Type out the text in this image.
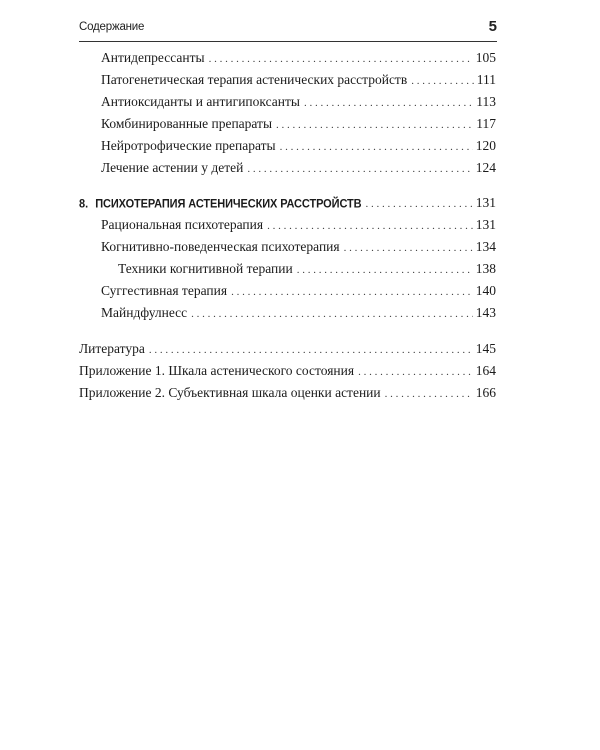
Содержание	5
Антидепрессанты . . .	105
Патогенетическая терапия астенических расстройств . . .	111
Антиоксиданты и антигипоксанты . . .	113
Комбинированные препараты . . .	117
Нейротрофические препараты . . .	120
Лечение астении у детей . . .	124
8. ПСИХОТЕРАПИЯ АСТЕНИЧЕСКИХ РАССТРОЙСТВ . . .	131
Рациональная психотерапия . . .	131
Когнитивно-поведенческая психотерапия . . .	134
Техники когнитивной терапии . . .	138
Суггестивная терапия . . .	140
Майндфулнесс . . .	143
Литература . . .	145
Приложение 1. Шкала астенического состояния . . .	164
Приложение 2. Субъективная шкала оценки астении . . .	166
